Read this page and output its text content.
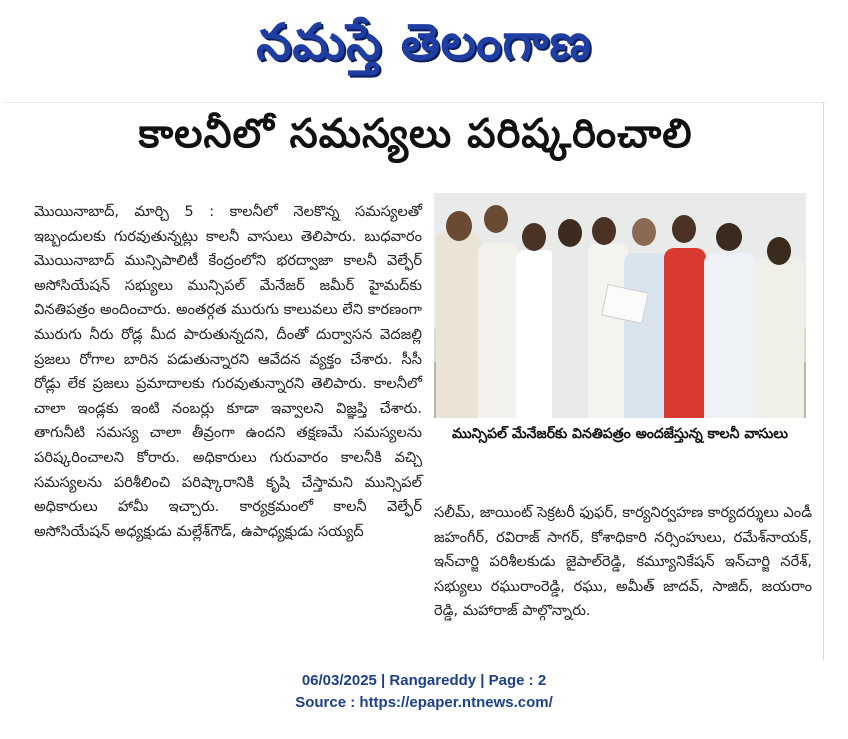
నమస్తే తెలంగాణ
కాలనీలో సమస్యలు పరిష్కరించాలి
మొయినాబాద్, మార్చి 5 : కాలనీలో నెలకొన్న సమస్యలతో ఇబ్బందులకు గురవుతున్నట్లు కాలనీ వాసులు తెలిపారు. బుధవారం మొయినాబాద్ మున్సిపాలిటీ కేంద్రంలోని భరద్వాజా కాలనీ వెల్ఫేర్ అసోసియేషన్ సభ్యులు మున్సిపల్ మేనేజర్ జమీర్ హైమద్‌కు వినతిపత్రం అందించారు. అంతర్గత మురుగు కాలువలు లేని కారణంగా మురుగు నీరు రోడ్ల మీద పారుతున్నదని, దీంతో దుర్వాసన వెదజల్లి ప్రజలు రోగాల బారిన పడుతున్నారని ఆవేదన వ్యక్తం చేశారు. సీసీ రోడ్లు లేక ప్రజలు ప్రమాదాలకు గురవుతున్నారని తెలిపారు. కాలనీలో చాలా ఇండ్లకు ఇంటి నంబర్లు కూడా ఇవ్వాలని విజ్ఞప్తి చేశారు. తాగునీటి సమస్య చాలా తీవ్రంగా ఉందని తక్షణమే సమస్యలను పరిష్కరించాలని కోరారు. అధికారులు గురువారం కాలనీకి వచ్చి సమస్యలను పరిశీలించి పరిష్కారానికి కృషి చేస్తామని మున్సిపల్ అధికారులు హామీ ఇచ్చారు. కార్యక్రమంలో కాలనీ వెల్ఫేర్ అసోసియేషన్ అధ్యక్షుడు మల్లేశ్‌గౌడ్, ఉపాధ్యక్షుడు సయ్యద్
మున్సిపల్ మేనేజర్‌కు వినతిపత్రం అందజేస్తున్న కాలనీ వాసులు
సలీమ్, జాయింట్ సెక్రటరీ ఫుఫర్, కార్యనిర్వహణ కార్యదర్శులు ఎండీ జహంగీర్, రవిరాజ్ సాగర్, కోశాధికారి నర్సింహులు, రమేశ్‌నాయక్, ఇన్‌చార్జి పరిశీలకుడు జైపాల్‌రెడ్డి, కమ్యూనికేషన్ ఇన్‌చార్జి నరేశ్, సభ్యులు రఘురాంరెడ్డి, రఘు, అమీత్ జాదవ్, సాజిద్, జయరాం రెడ్డి, మహారాజ్ పాల్గొన్నారు.
06/03/2025 | Rangareddy | Page : 2
Source : https://epaper.ntnews.com/
